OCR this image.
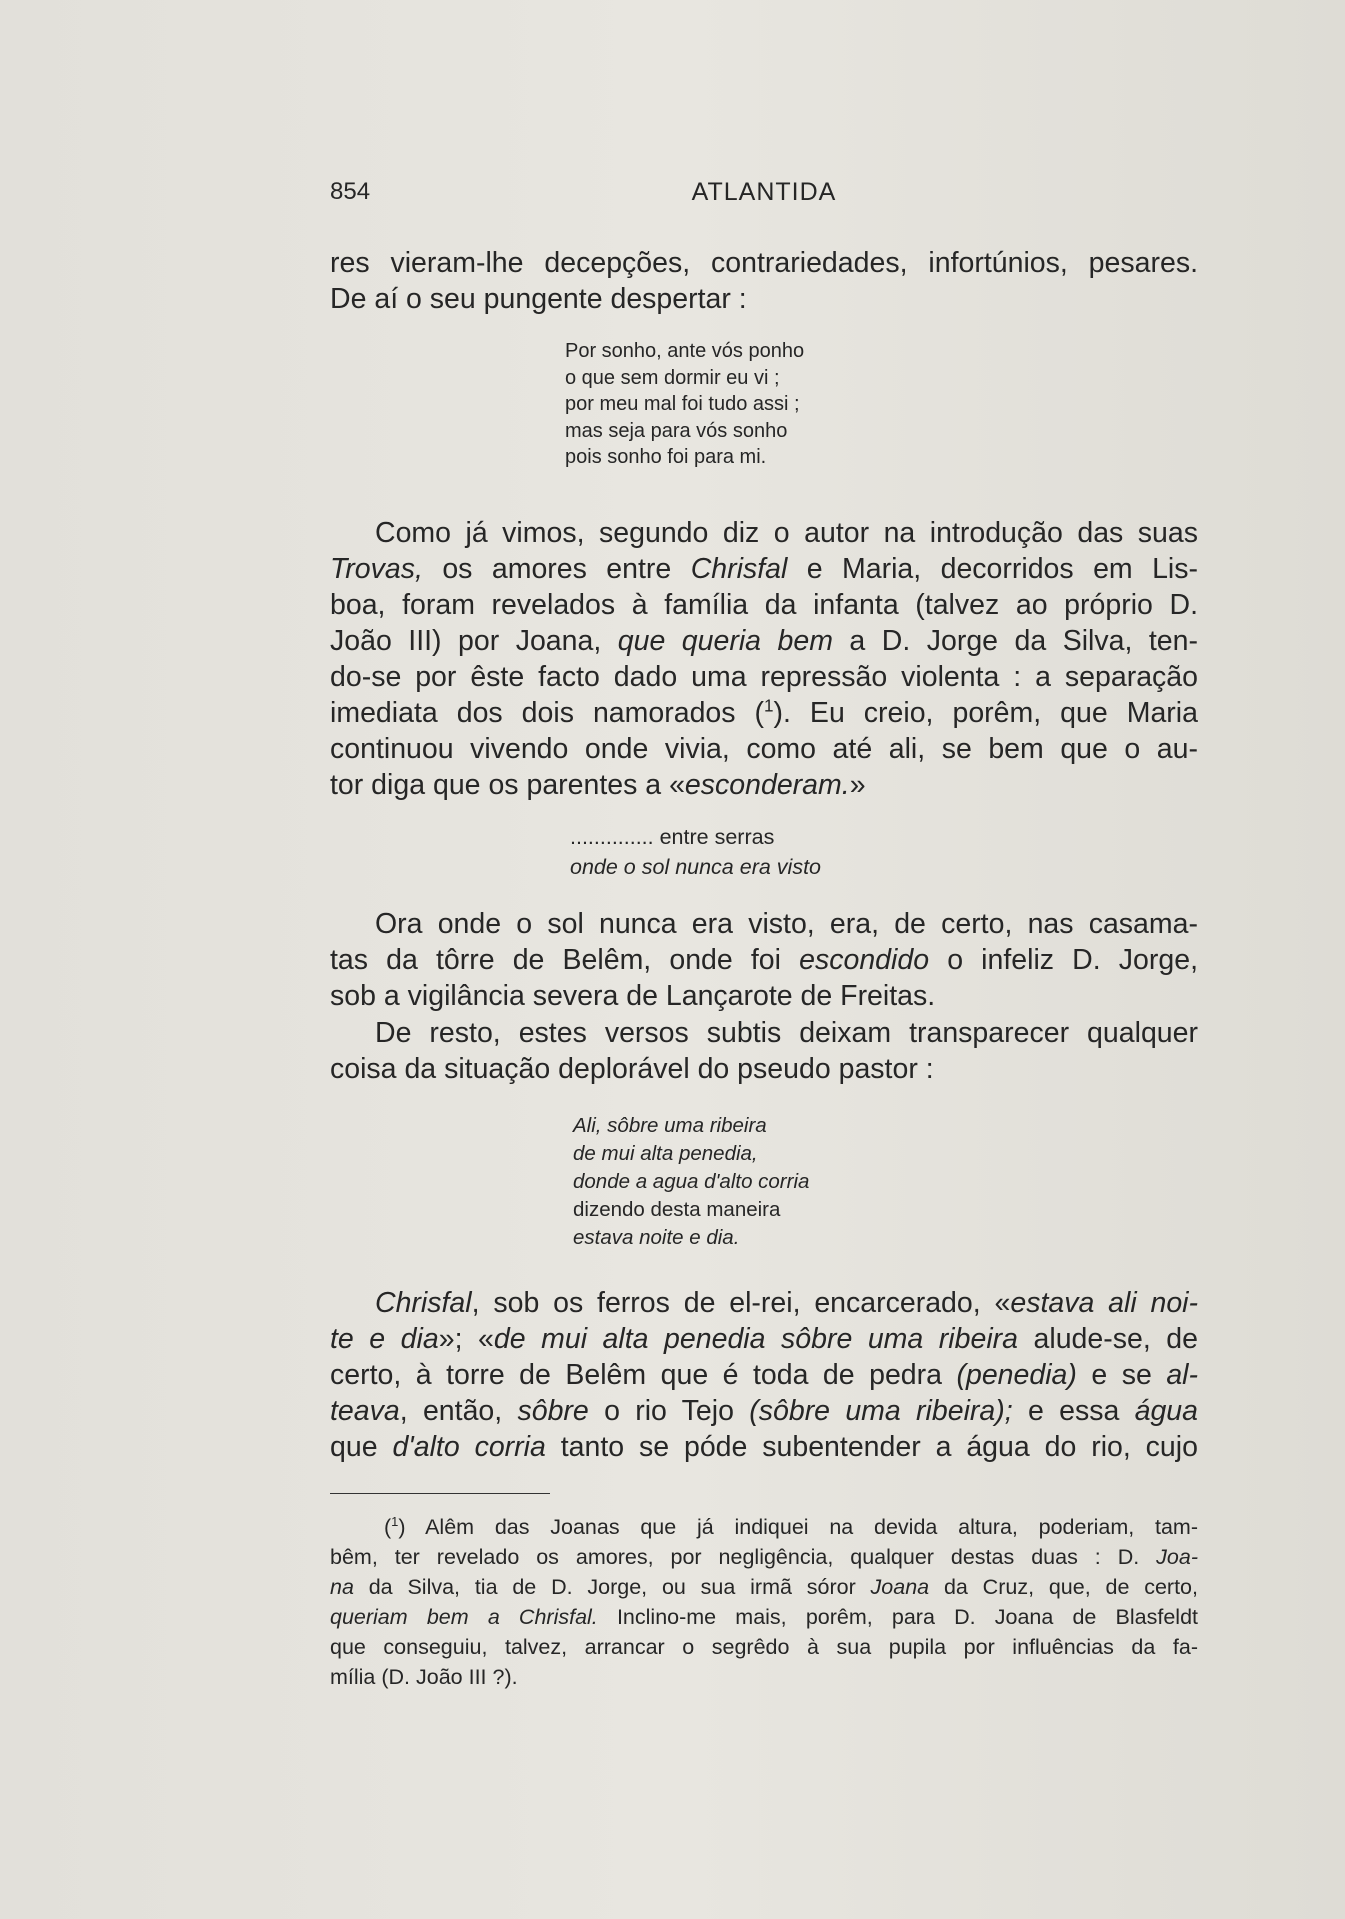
854	ATLANTIDA
res vieram-lhe decepções, contrariedades, infortúnios, pesares.
De aí o seu pungente despertar :
Por sonho, ante vós ponho
o que sem dormir eu vi ;
por meu mal foi tudo assi ;
mas seja para vós sonho
pois sonho foi para mi.
Como já vimos, segundo diz o autor na introdução das suas
Trovas, os amores entre Chrisfal e Maria, decorridos em Lis-
boa, foram revelados à família da infanta (talvez ao próprio D.
João III) por Joana, que queria bem a D. Jorge da Silva, ten-
do-se por êste facto dado uma repressão violenta : a separação
imediata dos dois namorados ($^1$). Eu creio, porêm, que Maria
continuou vivendo onde vivia, como até ali, se bem que o au-
tor diga que os parentes a «esconderam.»
.............. entre serras
onde o sol nunca era visto
Ora onde o sol nunca era visto, era, de certo, nas casama-
tas da tôrre de Belêm, onde foi escondido o infeliz D. Jorge,
sob a vigilância severa de Lançarote de Freitas.
De resto, estes versos subtis deixam transparecer qualquer
coisa da situação deplorável do pseudo pastor :
Ali, sôbre uma ribeira
de mui alta penedia,
donde a agua d'alto corria
dizendo desta maneira
estava noite e dia.
Chrisfal, sob os ferros de el-rei, encarcerado, «estava ali noi-
te e dia»; «de mui alta penedia sôbre uma ribeira alude-se, de
certo, à torre de Belêm que é toda de pedra (penedia) e se al-
teava, então, sôbre o rio Tejo (sôbre uma ribeira); e essa água
que d'alto corria tanto se póde subentender a água do rio, cujo
($^1$) Alêm das Joanas que já indiquei na devida altura, poderiam, tam-
bêm, ter revelado os amores, por negligência, qualquer destas duas : D. Joa-
na da Silva, tia de D. Jorge, ou sua irmã sóror Joana da Cruz, que, de certo,
queriam bem a Chrisfal. Inclino-me mais, porêm, para D. Joana de Blasfeldt
que conseguiu, talvez, arrancar o segrêdo à sua pupila por influências da fa-
mília (D. João III ?).
